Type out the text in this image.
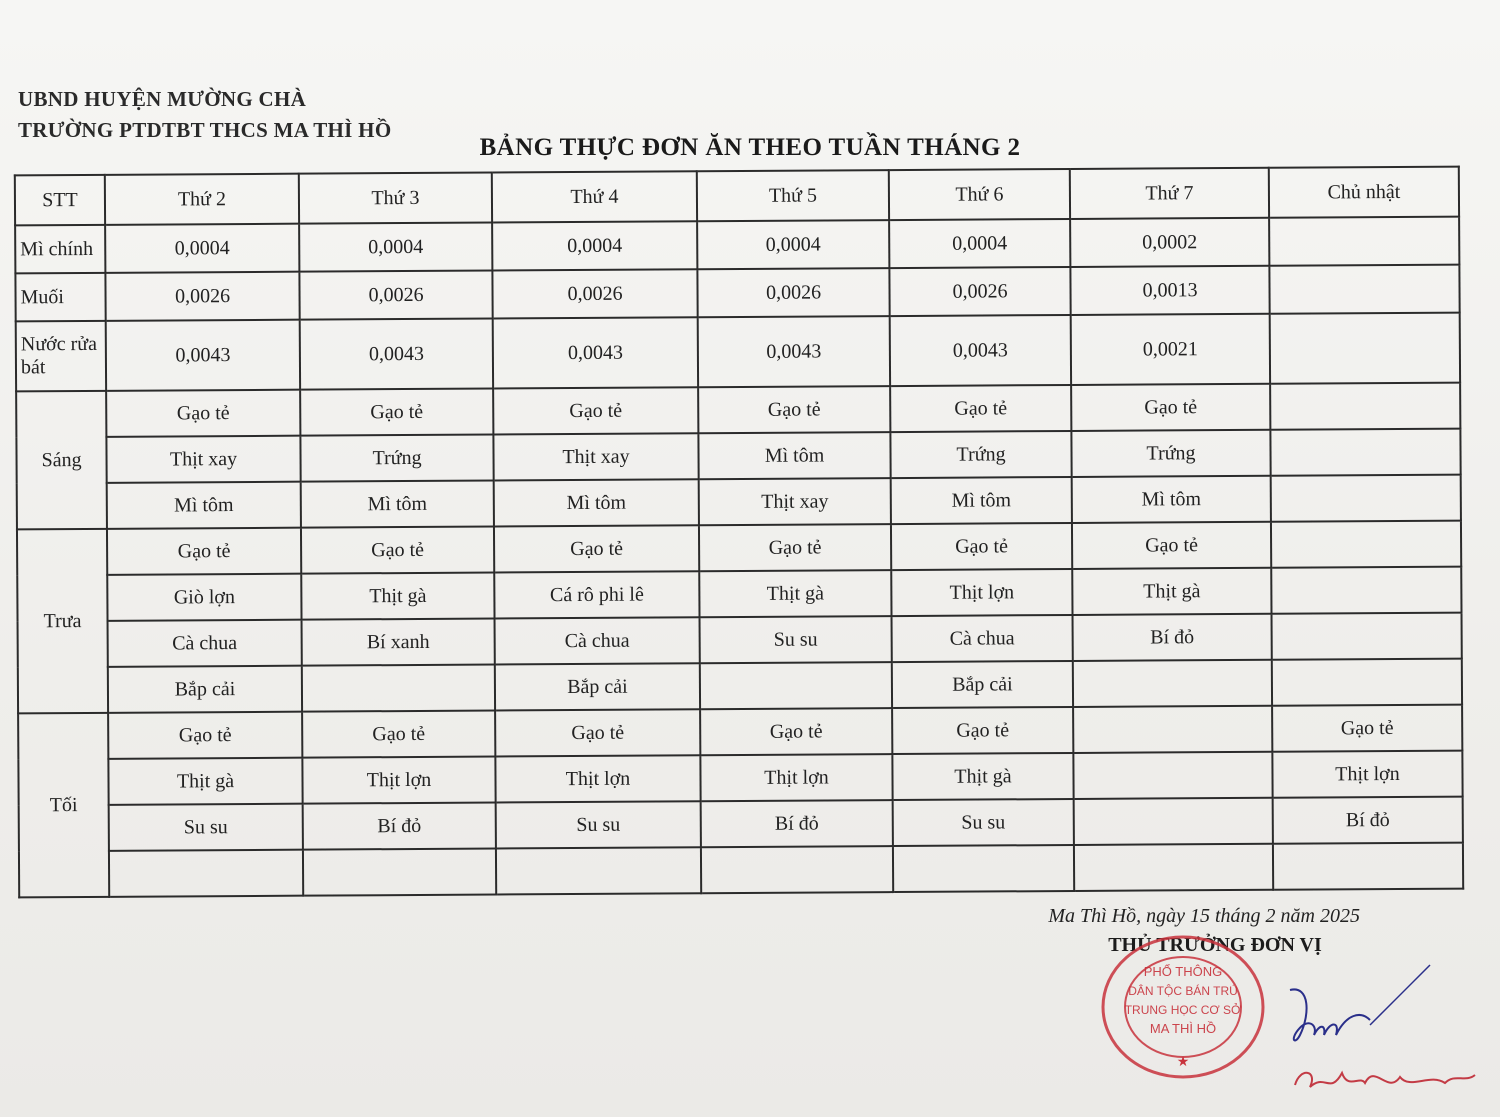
UBND HUYỆN MƯỜNG CHÀ
TRƯỜNG PTDTBT THCS MA THÌ HỒ
BẢNG THỰC ĐƠN ĂN THEO TUẦN THÁNG 2
STT	Thứ 2	Thứ 3	Thứ 4	Thứ 5	Thứ 6	Thứ 7	Chủ nhật
Mì chính	0,0004	0,0004	0,0004	0,0004	0,0004	0,0002	
Muối	0,0026	0,0026	0,0026	0,0026	0,0026	0,0013	
Nước rửa bát	0,0043	0,0043	0,0043	0,0043	0,0043	0,0021	
Sáng	Gạo tẻ	Gạo tẻ	Gạo tẻ	Gạo tẻ	Gạo tẻ	Gạo tẻ	
	Thịt xay	Trứng	Thịt xay	Mì tôm	Trứng	Trứng	
	Mì tôm	Mì tôm	Mì tôm	Thịt xay	Mì tôm	Mì tôm	
Trưa	Gạo tẻ	Gạo tẻ	Gạo tẻ	Gạo tẻ	Gạo tẻ	Gạo tẻ	
	Giò lợn	Thịt gà	Cá rô phi lê	Thịt gà	Thịt lợn	Thịt gà	
	Cà chua	Bí xanh	Cà chua	Su su	Cà chua	Bí đỏ	
	Bắp cải		Bắp cải		Bắp cải		
Tối	Gạo tẻ	Gạo tẻ	Gạo tẻ	Gạo tẻ	Gạo tẻ		Gạo tẻ
	Thịt gà	Thịt lợn	Thịt lợn	Thịt lợn	Thịt gà		Thịt lợn
	Su su	Bí đỏ	Su su	Bí đỏ	Su su		Bí đỏ

Ma Thì Hồ, ngày 15 tháng 2 năm 2025
THỦ TRƯỞNG ĐƠN VỊ
PHỔ THÔNG
DÂN TỘC BÁN TRÚ
TRUNG HỌC CƠ SỞ
MA THÌ HỒ
★
